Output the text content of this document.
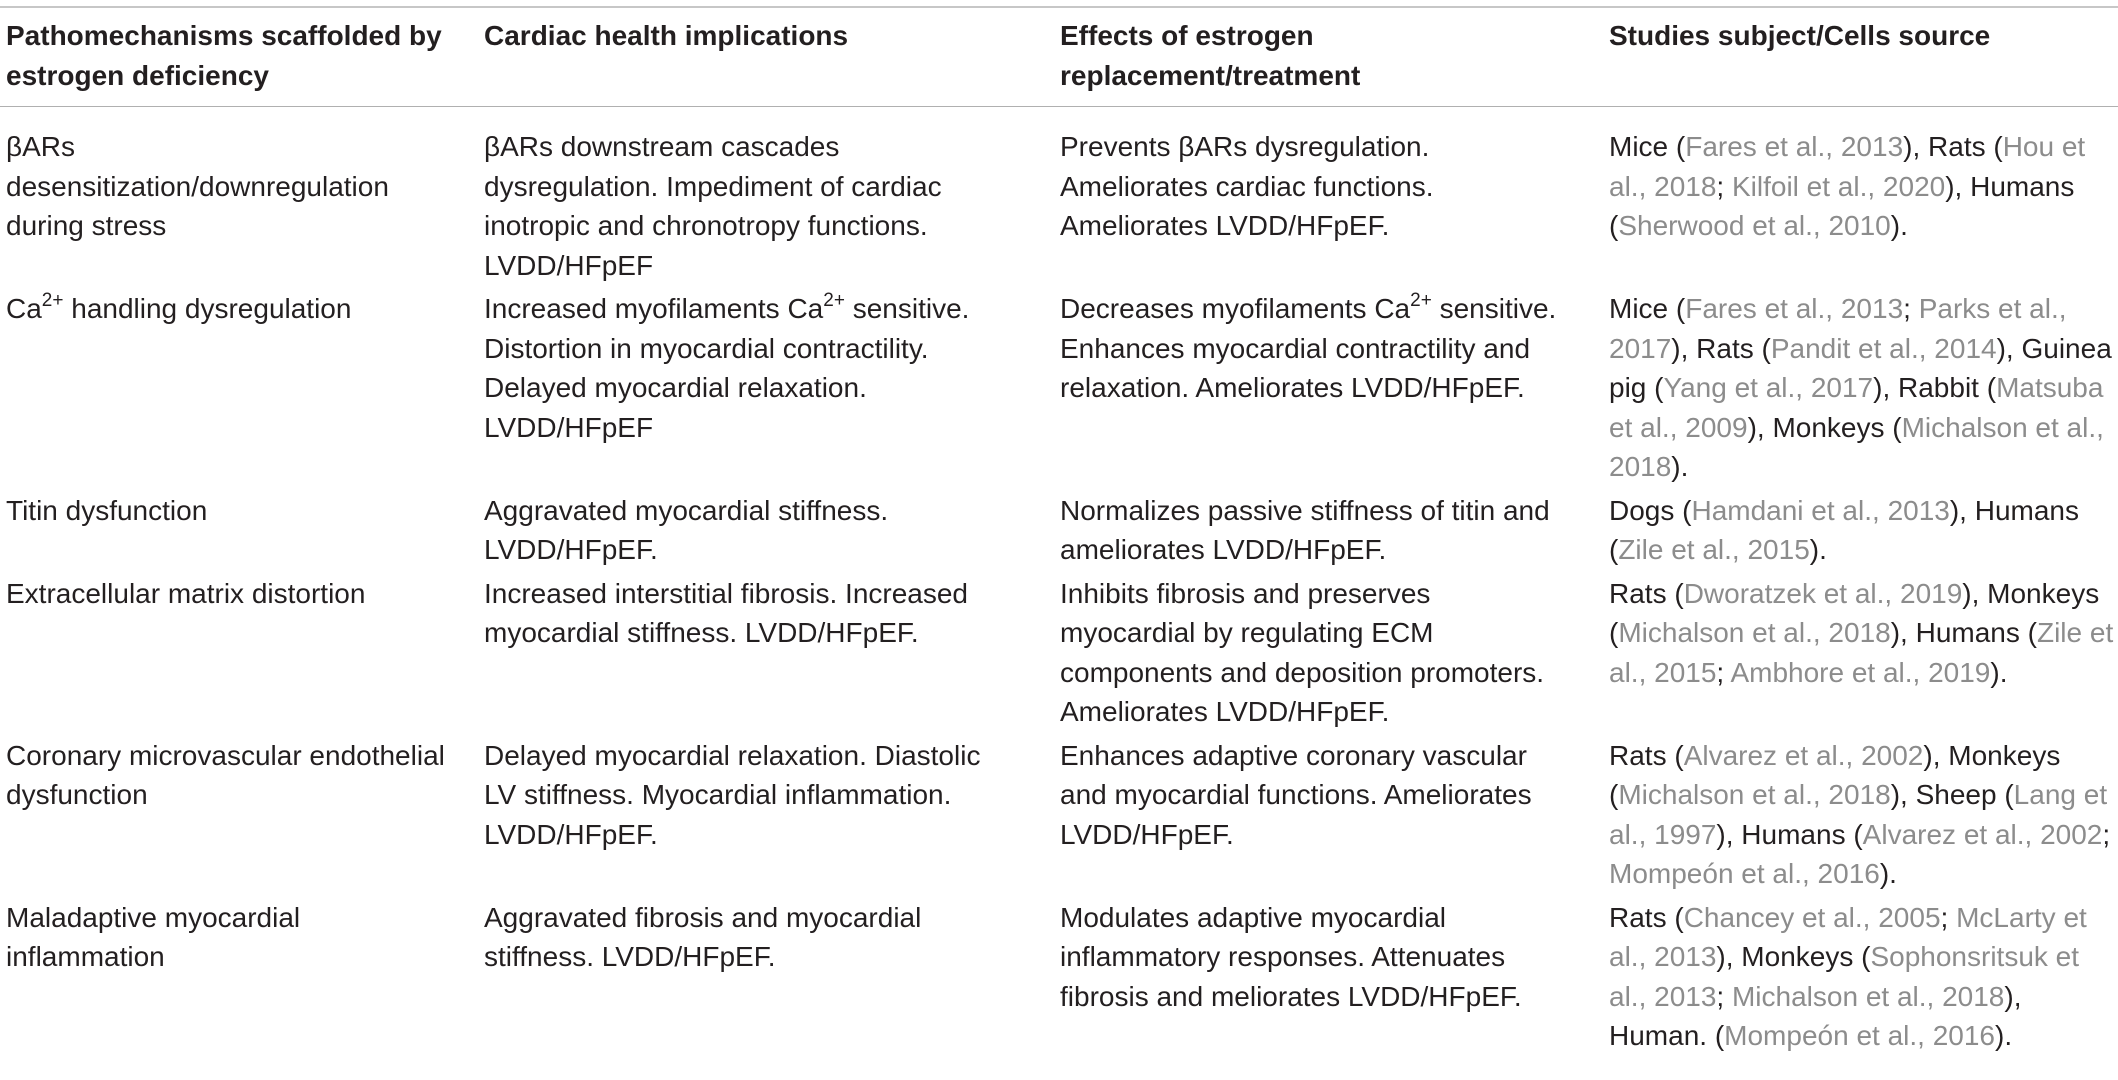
Pathomechanisms scaffolded by estrogen deficiency	Cardiac health implications	Effects of estrogen replacement/treatment	Studies subject/Cells source
βARs desensitization/downregulation during stress	βARs downstream cascades dysregulation. Impediment of cardiac inotropic and chronotropy functions. LVDD/HFpEF	Prevents βARs dysregulation. Ameliorates cardiac functions. Ameliorates LVDD/HFpEF.	Mice (Fares et al., 2013), Rats (Hou et al., 2018; Kilfoil et al., 2020), Humans (Sherwood et al., 2010).
$Ca^{2+}$ handling dysregulation	Increased myofilaments $Ca^{2+}$ sensitive. Distortion in myocardial contractility. Delayed myocardial relaxation. LVDD/HFpEF	Decreases myofilaments $Ca^{2+}$ sensitive. Enhances myocardial contractility and relaxation. Ameliorates LVDD/HFpEF.	Mice (Fares et al., 2013; Parks et al., 2017), Rats (Pandit et al., 2014), Guinea pig (Yang et al., 2017), Rabbit (Matsuba et al., 2009), Monkeys (Michalson et al., 2018).
Titin dysfunction	Aggravated myocardial stiffness. LVDD/HFpEF.	Normalizes passive stiffness of titin and ameliorates LVDD/HFpEF.	Dogs (Hamdani et al., 2013), Humans (Zile et al., 2015).
Extracellular matrix distortion	Increased interstitial fibrosis. Increased myocardial stiffness. LVDD/HFpEF.	Inhibits fibrosis and preserves myocardial by regulating ECM components and deposition promoters. Ameliorates LVDD/HFpEF.	Rats (Dworatzek et al., 2019), Monkeys (Michalson et al., 2018), Humans (Zile et al., 2015; Ambhore et al., 2019).
Coronary microvascular endothelial dysfunction	Delayed myocardial relaxation. Diastolic LV stiffness. Myocardial inflammation. LVDD/HFpEF.	Enhances adaptive coronary vascular and myocardial functions. Ameliorates LVDD/HFpEF.	Rats (Alvarez et al., 2002), Monkeys (Michalson et al., 2018), Sheep (Lang et al., 1997), Humans (Alvarez et al., 2002; Mompeón et al., 2016).
Maladaptive myocardial inflammation	Aggravated fibrosis and myocardial stiffness. LVDD/HFpEF.	Modulates adaptive myocardial inflammatory responses. Attenuates fibrosis and meliorates LVDD/HFpEF.	Rats (Chancey et al., 2005; McLarty et al., 2013), Monkeys (Sophonsritsuk et al., 2013; Michalson et al., 2018), Human. (Mompeón et al., 2016).
